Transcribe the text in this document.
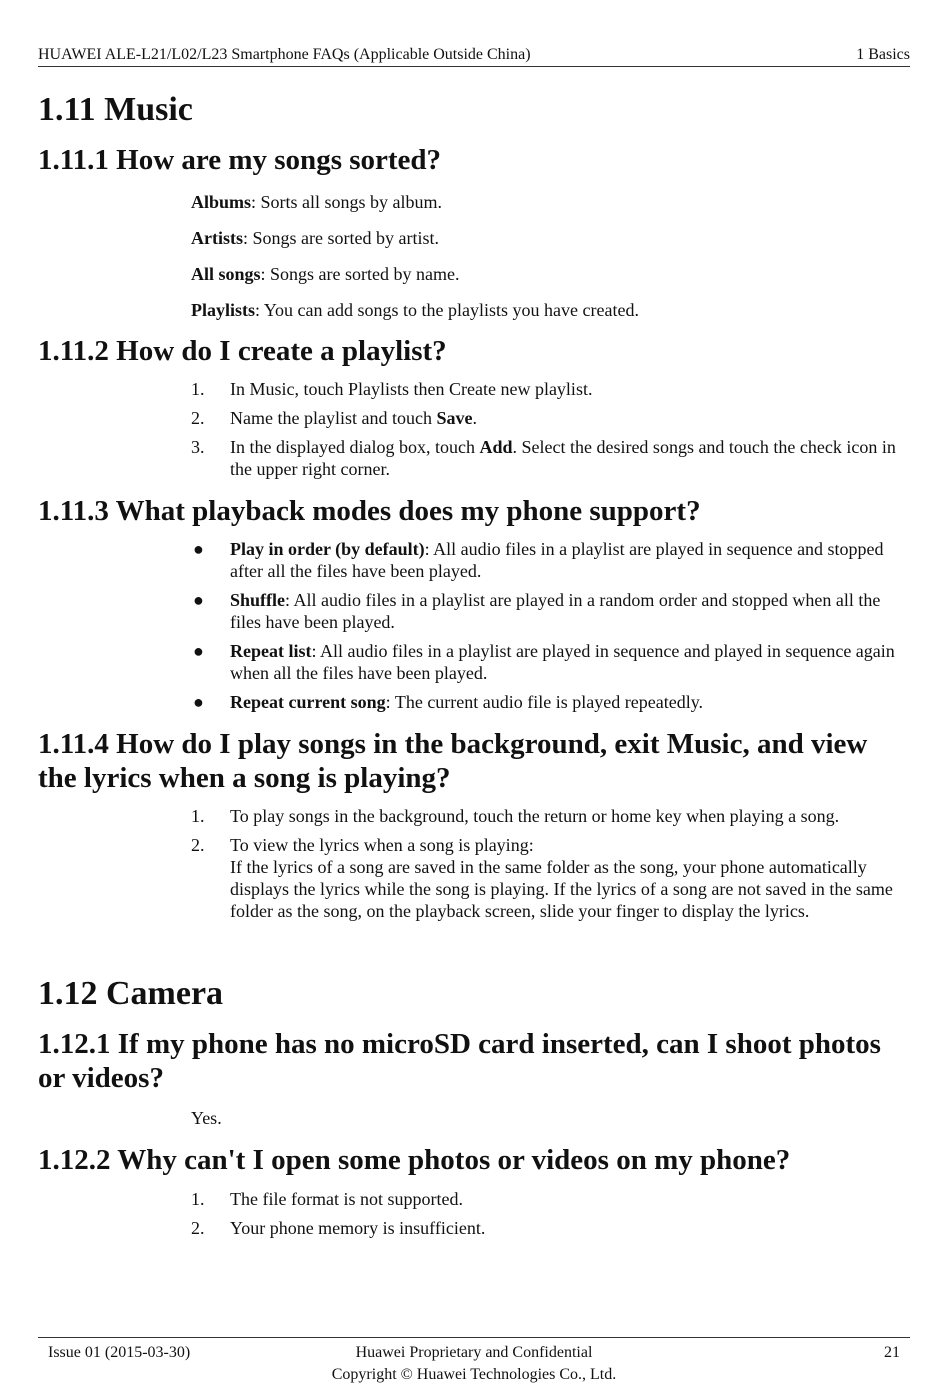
HUAWEI ALE-L21/L02/L23 Smartphone FAQs (Applicable Outside China)	1 Basics
1.11 Music
1.11.1 How are my songs sorted?
Albums: Sorts all songs by album.
Artists: Songs are sorted by artist.
All songs: Songs are sorted by name.
Playlists: You can add songs to the playlists you have created.
1.11.2 How do I create a playlist?
1. In Music, touch Playlists then Create new playlist.
2. Name the playlist and touch Save.
3. In the displayed dialog box, touch Add. Select the desired songs and touch the check icon in the upper right corner.
1.11.3 What playback modes does my phone support?
● Play in order (by default): All audio files in a playlist are played in sequence and stopped after all the files have been played.
● Shuffle: All audio files in a playlist are played in a random order and stopped when all the files have been played.
● Repeat list: All audio files in a playlist are played in sequence and played in sequence again when all the files have been played.
● Repeat current song: The current audio file is played repeatedly.
1.11.4 How do I play songs in the background, exit Music, and view the lyrics when a song is playing?
1. To play songs in the background, touch the return or home key when playing a song.
2. To view the lyrics when a song is playing:
If the lyrics of a song are saved in the same folder as the song, your phone automatically displays the lyrics while the song is playing. If the lyrics of a song are not saved in the same folder as the song, on the playback screen, slide your finger to display the lyrics.
1.12 Camera
1.12.1 If my phone has no microSD card inserted, can I shoot photos or videos?
Yes.
1.12.2 Why can't I open some photos or videos on my phone?
1. The file format is not supported.
2. Your phone memory is insufficient.
Issue 01 (2015-03-30)	Huawei Proprietary and Confidential
Copyright © Huawei Technologies Co., Ltd.
21
